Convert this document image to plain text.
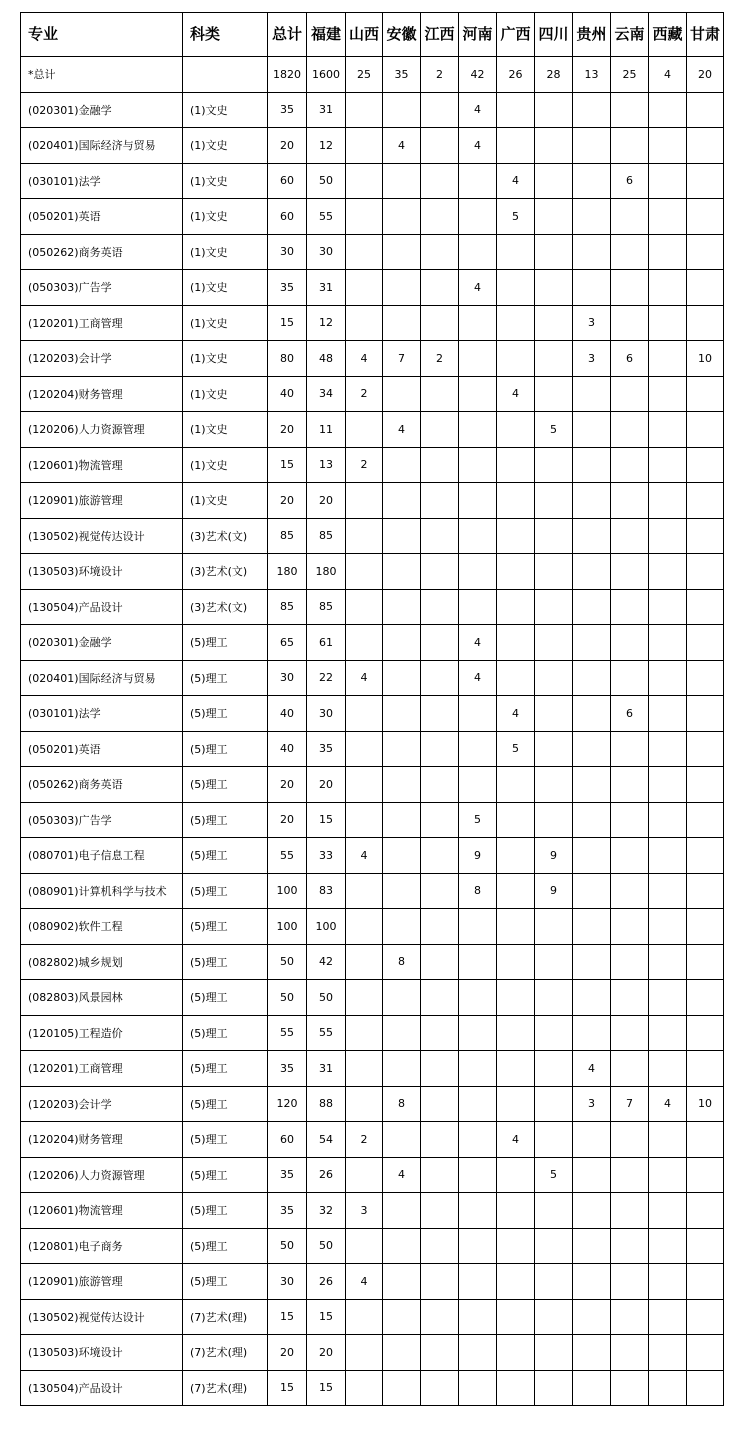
专业	科类	总计	福建	山西	安徽	江西	河南	广西	四川	贵州	云南	西藏	甘肃
*总计		1820	1600	25	35	2	42	26	28	13	25	4	20
(020301)金融学	(1)文史	35	31				4						
(020401)国际经济与贸易	(1)文史	20	12		4		4						
(030101)法学	(1)文史	60	50					4			6		
(050201)英语	(1)文史	60	55					5					
(050262)商务英语	(1)文史	30	30										
(050303)广告学	(1)文史	35	31				4						
(120201)工商管理	(1)文史	15	12							3			
(120203)会计学	(1)文史	80	48	4	7	2				3	6		10
(120204)财务管理	(1)文史	40	34	2				4					
(120206)人力资源管理	(1)文史	20	11		4				5				
(120601)物流管理	(1)文史	15	13	2									
(120901)旅游管理	(1)文史	20	20										
(130502)视觉传达设计	(3)艺术(文)	85	85										
(130503)环境设计	(3)艺术(文)	180	180										
(130504)产品设计	(3)艺术(文)	85	85										
(020301)金融学	(5)理工	65	61				4						
(020401)国际经济与贸易	(5)理工	30	22	4			4						
(030101)法学	(5)理工	40	30					4			6		
(050201)英语	(5)理工	40	35					5					
(050262)商务英语	(5)理工	20	20										
(050303)广告学	(5)理工	20	15				5						
(080701)电子信息工程	(5)理工	55	33	4			9		9				
(080901)计算机科学与技术	(5)理工	100	83				8		9				
(080902)软件工程	(5)理工	100	100										
(082802)城乡规划	(5)理工	50	42		8								
(082803)风景园林	(5)理工	50	50										
(120105)工程造价	(5)理工	55	55										
(120201)工商管理	(5)理工	35	31							4			
(120203)会计学	(5)理工	120	88		8					3	7	4	10
(120204)财务管理	(5)理工	60	54	2				4					
(120206)人力资源管理	(5)理工	35	26		4				5				
(120601)物流管理	(5)理工	35	32	3									
(120801)电子商务	(5)理工	50	50										
(120901)旅游管理	(5)理工	30	26	4									
(130502)视觉传达设计	(7)艺术(理)	15	15										
(130503)环境设计	(7)艺术(理)	20	20										
(130504)产品设计	(7)艺术(理)	15	15										
